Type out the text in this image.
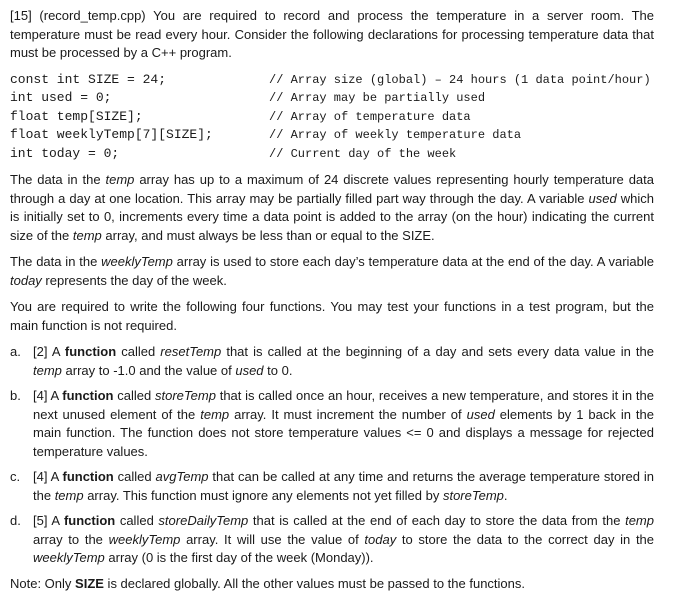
[15] (record_temp.cpp) You are required to record and process the temperature in a server room. The temperature must be read every hour. Consider the following declarations for processing temperature data that must be processed by a C++ program.

const int SIZE = 24;
int used = 0;
float temp[SIZE];
float weeklyTemp[7][SIZE];
int today = 0;
// Array size (global) – 24 hours (1 data point/hour)
// Array may be partially used
// Array of temperature data
// Array of weekly temperature data
// Current day of the week

The data in the temp array has up to a maximum of 24 discrete values representing hourly temperature data through a day at one location. This array may be partially filled part way through the day. A variable used which is initially set to 0, increments every time a data point is added to the array (on the hour) indicating the current size of the temp array, and must always be less than or equal to the SIZE.

The data in the weeklyTemp array is used to store each day’s temperature data at the end of the day. A variable today represents the day of the week.

You are required to write the following four functions. You may test your functions in a test program, but the main function is not required.

a. [2] A function called resetTemp that is called at the beginning of a day and sets every data value in the temp array to -1.0 and the value of used to 0.
b. [4] A function called storeTemp that is called once an hour, receives a new temperature, and stores it in the next unused element of the temp array. It must increment the number of used elements by 1 back in the main function. The function does not store temperature values <= 0 and displays a message for rejected temperature values.
c. [4] A function called avgTemp that can be called at any time and returns the average temperature stored in the temp array. This function must ignore any elements not yet filled by storeTemp.
d. [5] A function called storeDailyTemp that is called at the end of each day to store the data from the temp array to the weeklyTemp array. It will use the value of today to store the data to the correct day in the weeklyTemp array (0 is the first day of the week (Monday)).

Note: Only SIZE is declared globally. All the other values must be passed to the functions.
